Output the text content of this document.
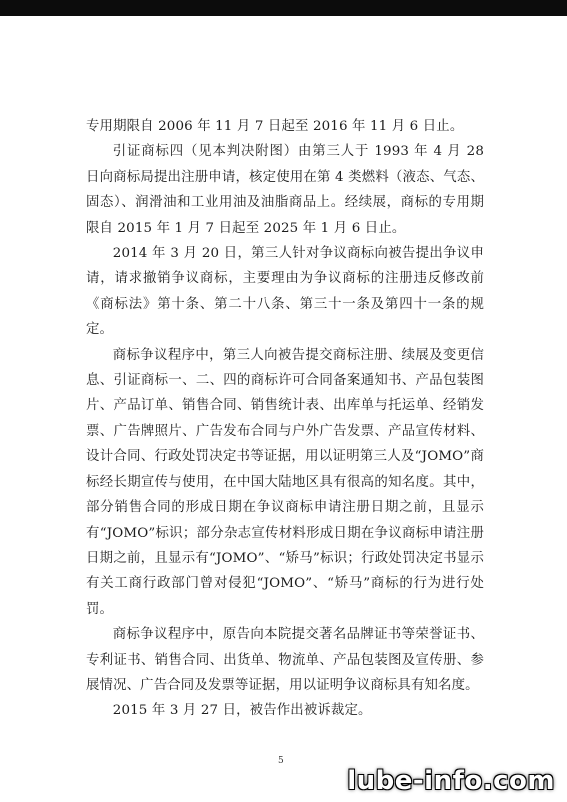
专用期限自 2006 年 11 月 7 日起至 2016 年 11 月 6 日止。

引证商标四（见本判决附图）由第三人于 1993 年 4 月 28 日向商标局提出注册申请，核定使用在第 4 类燃料（液态、气态、固态）、润滑油和工业用油及油脂商品上。经续展，商标的专用期限自 2015 年 1 月 7 日起至 2025 年 1 月 6 日止。

2014 年 3 月 20 日，第三人针对争议商标向被告提出争议申请，请求撤销争议商标，主要理由为争议商标的注册违反修改前《商标法》第十条、第二十八条、第三十一条及第四十一条的规定。

商标争议程序中，第三人向被告提交商标注册、续展及变更信息、引证商标一、二、四的商标许可合同备案通知书、产品包装图片、产品订单、销售合同、销售统计表、出库单与托运单、经销发票、广告牌照片、广告发布合同与户外广告发票、产品宣传材料、设计合同、行政处罚决定书等证据，用以证明第三人及“JOMO”商标经长期宣传与使用，在中国大陆地区具有很高的知名度。其中，部分销售合同的形成日期在争议商标申请注册日期之前，且显示有“JOMO”标识；部分杂志宣传材料形成日期在争议商标申请注册日期之前，且显示有“JOMO”、“矫马”标识；行政处罚决定书显示有关工商行政部门曾对侵犯“JOMO”、“矫马”商标的行为进行处罚。

商标争议程序中，原告向本院提交著名品牌证书等荣誉证书、专利证书、销售合同、出货单、物流单、产品包装图及宣传册、参展情况、广告合同及发票等证据，用以证明争议商标具有知名度。

2015 年 3 月 27 日，被告作出被诉裁定。

5
lube-info.com
